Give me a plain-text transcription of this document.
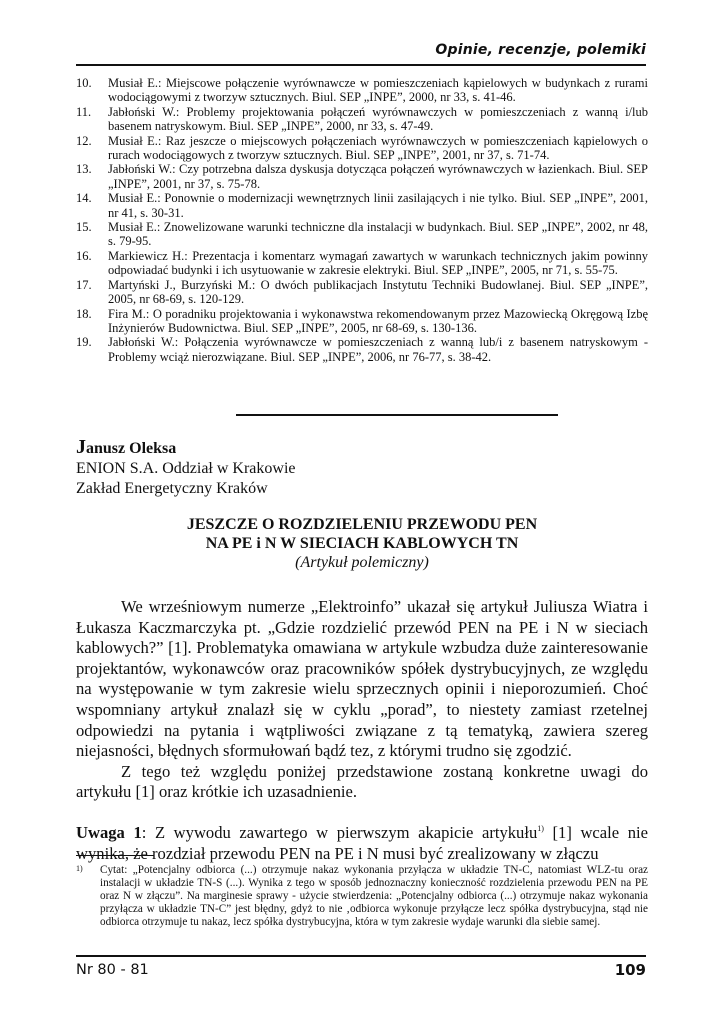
Opinie, recenzje, polemiki
10.	Musiał E.: Miejscowe połączenie wyrównawcze w pomieszczeniach kąpielowych w budynkach z rurami wodociągowymi z tworzyw sztucznych. Biul. SEP „INPE”, 2000, nr 33, s. 41-46.
11.	Jabłoński W.: Problemy projektowania połączeń wyrównawczych w pomieszczeniach z wanną i/lub basenem natryskowym. Biul. SEP „INPE”, 2000, nr 33, s. 47-49.
12.	Musiał E.: Raz jeszcze o miejscowych połączeniach wyrównawczych w pomieszczeniach kąpielowych o rurach wodociągowych z tworzyw sztucznych. Biul. SEP „INPE”, 2001, nr 37, s. 71-74.
13.	Jabłoński W.: Czy potrzebna dalsza dyskusja dotycząca połączeń wyrównawczych w łazienkach. Biul. SEP „INPE”, 2001, nr 37, s. 75-78.
14.	Musiał E.: Ponownie o modernizacji wewnętrznych linii zasilających i nie tylko. Biul. SEP „INPE”, 2001, nr 41, s. 30-31.
15.	Musiał E.: Znowelizowane warunki techniczne dla instalacji w budynkach. Biul. SEP „INPE”, 2002, nr 48, s. 79-95.
16.	Markiewicz H.: Prezentacja i komentarz wymagań zawartych w warunkach technicznych jakim powinny odpowiadać budynki i ich usytuowanie w zakresie elektryki. Biul. SEP „INPE”, 2005, nr 71, s. 55-75.
17.	Martyński J., Burzyński M.: O dwóch publikacjach Instytutu Techniki Budowlanej. Biul. SEP „INPE”, 2005, nr 68-69, s. 120-129.
18.	Fira M.: O poradniku projektowania i wykonawstwa rekomendowanym przez Mazowiecką Okręgową Izbę Inżynierów Budownictwa. Biul. SEP „INPE”, 2005, nr 68-69, s. 130-136.
19.	Jabłoński W.: Połączenia wyrównawcze w pomieszczeniach z wanną lub/i z basenem natryskowym - Problemy wciąż nierozwiązane. Biul. SEP „INPE”, 2006, nr 76-77, s. 38-42.
Janusz Oleksa
ENION S.A. Oddział w Krakowie
Zakład Energetyczny Kraków
JESZCZE O ROZDZIELENIU PRZEWODU PEN
NA PE i N W SIECIACH KABLOWYCH TN
(Artykuł polemiczny)

We wrześniowym numerze „Elektroinfo” ukazał się artykuł Juliusza Wiatra i Łukasza Kaczmarczyka pt. „Gdzie rozdzielić przewód PEN na PE i N w sieciach kablowych?” [1]. Problematyka omawiana w artykule wzbudza duże zainteresowanie projektantów, wykonawców oraz pracowników spółek dystrybucyjnych, ze względu na występowanie w tym zakresie wielu sprzecznych opinii i nieporozumień. Choć wspomniany artykuł znalazł się w cyklu „porad”, to niestety zamiast rzetelnej odpowiedzi na pytania i wątpliwości związane z tą tematyką, zawiera szereg niejasności, błędnych sformułowań bądź tez, z którymi trudno się zgodzić.

Z tego też względu poniżej przedstawione zostaną konkretne uwagi do artykułu [1] oraz krótkie ich uzasadnienie.

Uwaga 1: Z wywodu zawartego w pierwszym akapicie artykułu$^{1)}$ [1] wcale nie wynika, że rozdział przewodu PEN na PE i N musi być zrealizowany w złączu

1)	Cytat: „Potencjalny odbiorca (...) otrzymuje nakaz wykonania przyłącza w układzie TN-C, natomiast WLZ-tu oraz instalacji w układzie TN-S (...). Wynika z tego w sposób jednoznaczny konieczność rozdzielenia przewodu PEN na PE oraz N w złączu”. Na marginesie sprawy - użycie stwierdzenia: „Potencjalny odbiorca (...) otrzymuje nakaz wykonania przyłącza w układzie TN-C” jest błędny, gdyż to nie ‚odbiorca wykonuje przyłącze lecz spółka dystrybucyjna, stąd nie odbiorca otrzymuje tu nakaz, lecz spółka dystrybucyjna, która w tym zakresie wydaje warunki dla siebie samej.
Nr 80 - 81	109
